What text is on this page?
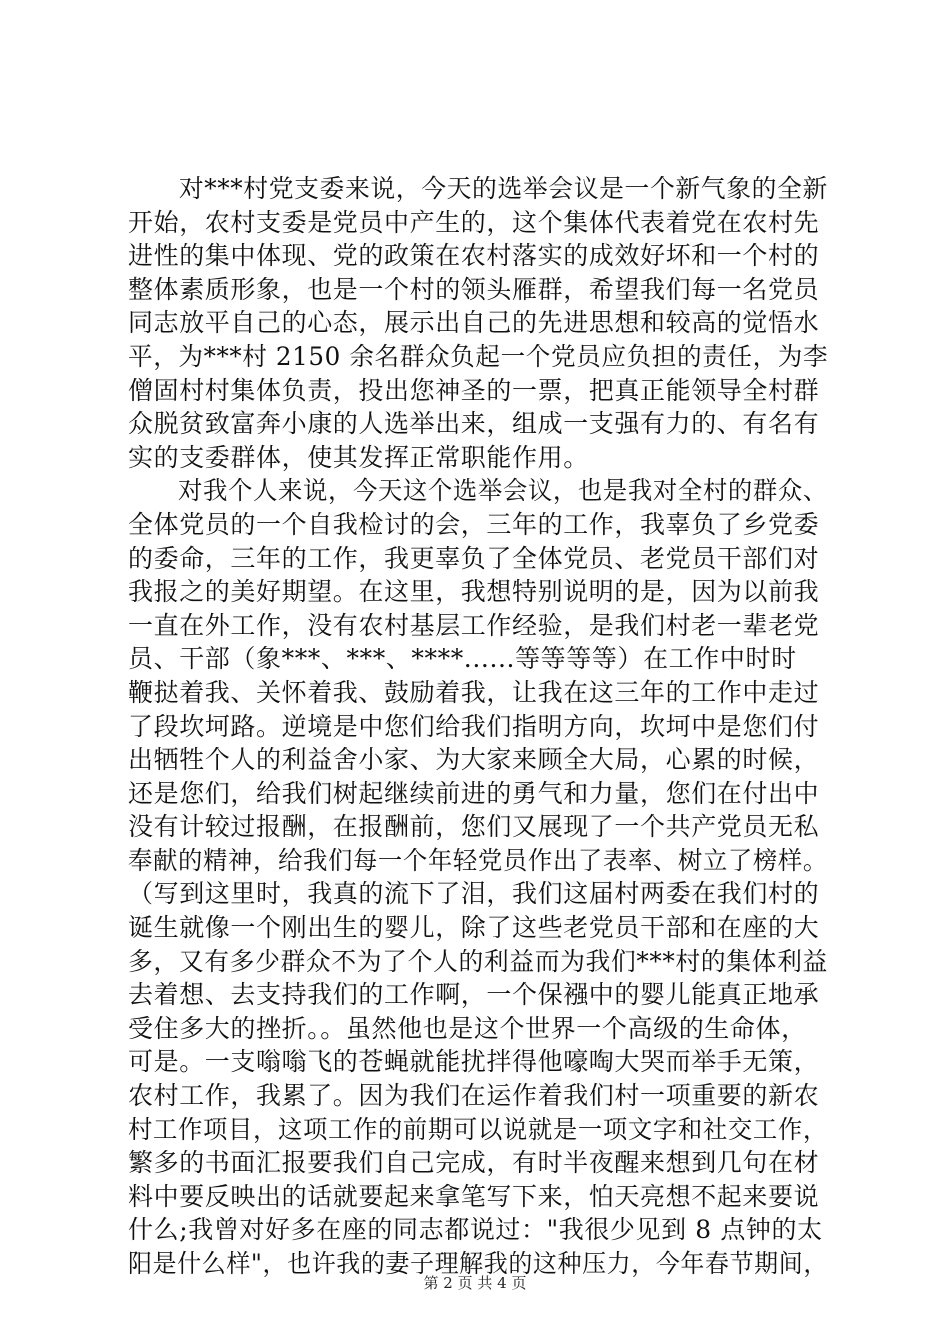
　　对***村党支委来说，今天的选举会议是一个新气象的全新
开始，农村支委是党员中产生的，这个集体代表着党在农村先
进性的集中体现、党的政策在农村落实的成效好坏和一个村的
整体素质形象，也是一个村的领头雁群，希望我们每一名党员
同志放平自己的心态，展示出自己的先进思想和较高的觉悟水
平，为***村 2150 余名群众负起一个党员应负担的责任，为李
僧固村村集体负责，投出您神圣的一票，把真正能领导全村群
众脱贫致富奔小康的人选举出来，组成一支强有力的、有名有
实的支委群体，使其发挥正常职能作用。
　　对我个人来说，今天这个选举会议，也是我对全村的群众、
全体党员的一个自我检讨的会，三年的工作，我辜负了乡党委
的委命，三年的工作，我更辜负了全体党员、老党员干部们对
我报之的美好期望。在这里，我想特别说明的是，因为以前我
一直在外工作，没有农村基层工作经验，是我们村老一辈老党
员、干部（象***、***、****......等等等等）在工作中时时
鞭挞着我、关怀着我、鼓励着我，让我在这三年的工作中走过
了段坎坷路。逆境是中您们给我们指明方向，坎坷中是您们付
出牺牲个人的利益舍小家、为大家来顾全大局，心累的时候，
还是您们，给我们树起继续前进的勇气和力量，您们在付出中
没有计较过报酬，在报酬前，您们又展现了一个共产党员无私
奉献的精神，给我们每一个年轻党员作出了表率、树立了榜样。
（写到这里时，我真的流下了泪，我们这届村两委在我们村的
诞生就像一个刚出生的婴儿，除了这些老党员干部和在座的大
多，又有多少群众不为了个人的利益而为我们***村的集体利益
去着想、去支持我们的工作啊，一个保襁中的婴儿能真正地承
受住多大的挫折。。虽然他也是这个世界一个高级的生命体，
可是。一支嗡嗡飞的苍蝇就能扰拌得他嚎啕大哭而举手无策，
农村工作，我累了。因为我们在运作着我们村一项重要的新农
村工作项目，这项工作的前期可以说就是一项文字和社交工作，
繁多的书面汇报要我们自己完成，有时半夜醒来想到几句在材
料中要反映出的话就要起来拿笔写下来，怕天亮想不起来要说
什么;我曾对好多在座的同志都说过："我很少见到 8 点钟的太
阳是什么样"，也许我的妻子理解我的这种压力，今年春节期间，
第 2 页 共 4 页
